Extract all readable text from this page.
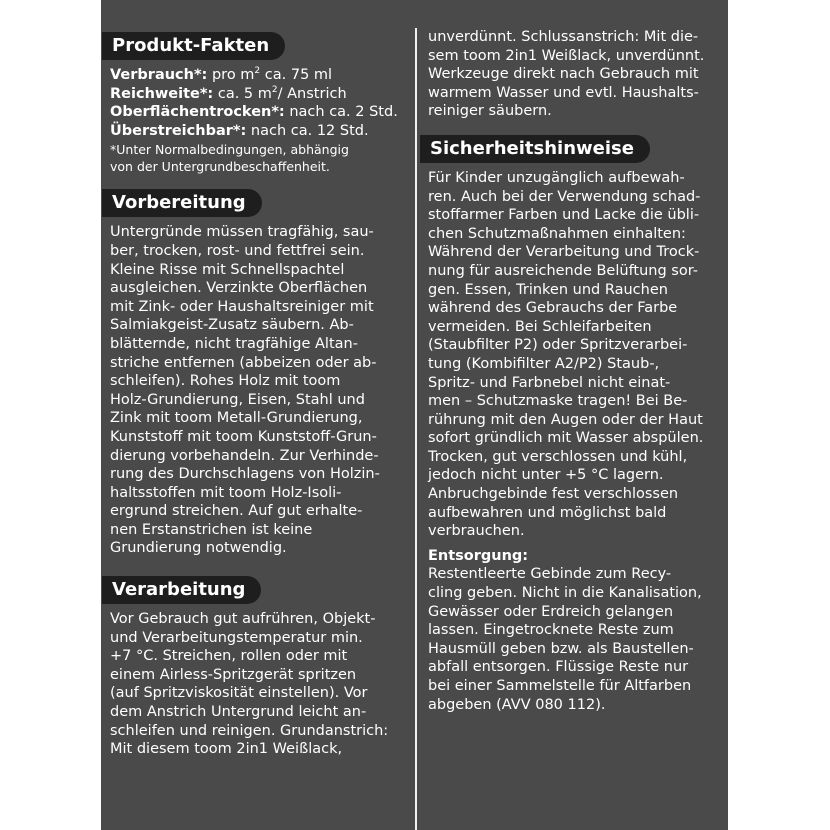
Produkt-Fakten
Verbrauch*: pro $m^2$ ca. 75 ml
Reichweite*: ca. 5 $m^2/$ Anstrich
Oberflächentrocken*: nach ca. 2 Std.
Überstreichbar*: nach ca. 12 Std.
*Unter Normalbedingungen, abhängig
von der Untergrundbeschaffenheit.
Vorbereitung

Untergründe müssen tragfähig, sau-
ber, trocken, rost- und fettfrei sein.
Kleine Risse mit Schnellspachtel
ausgleichen. Verzinkte Oberflächen
mit Zink- oder Haushaltsreiniger mit
Salmiakgeist-Zusatz säubern. Ab-
blätternde, nicht tragfähige Altan-
striche entfernen (abbeizen oder ab-
schleifen). Rohes Holz mit toom
Holz-Grundierung, Eisen, Stahl und
Zink mit toom Metall-Grundierung,
Kunststoff mit toom Kunststoff-Grun-
dierung vorbehandeln. Zur Verhinde-
rung des Durchschlagens von Holzin-
haltsstoffen mit toom Holz-Isoli-
ergrund streichen. Auf gut erhalte-
nen Erstanstrichen ist keine
Grundierung notwendig.

Verarbeitung

Vor Gebrauch gut aufrühren, Objekt-
und Verarbeitungstemperatur min.
+7 °C. Streichen, rollen oder mit
einem Airless-Spritzgerät spritzen
(auf Spritzviskosität einstellen). Vor
dem Anstrich Untergrund leicht an-
schleifen und reinigen. Grundanstrich:
Mit diesem toom 2in1 Weißlack,

unverdünnt. Schlussanstrich: Mit die-
sem toom 2in1 Weißlack, unverdünnt.
Werkzeuge direkt nach Gebrauch mit
warmem Wasser und evtl. Haushalts-
reiniger säubern.

Sicherheitshinweise

Für Kinder unzugänglich aufbewah-
ren. Auch bei der Verwendung schad-
stoffarmer Farben und Lacke die übli-
chen Schutzmaßnahmen einhalten:
Während der Verarbeitung und Trock-
nung für ausreichende Belüftung sor-
gen. Essen, Trinken und Rauchen
während des Gebrauchs der Farbe
vermeiden. Bei Schleifarbeiten
(Staubfilter P2) oder Spritzverarbei-
tung (Kombifilter A2/P2) Staub-,
Spritz- und Farbnebel nicht einat-
men – Schutzmaske tragen! Bei Be-
rührung mit den Augen oder der Haut
sofort gründlich mit Wasser abspülen.
Trocken, gut verschlossen und kühl,
jedoch nicht unter +5 °C lagern.
Anbruchgebinde fest verschlossen
aufbewahren und möglichst bald
verbrauchen.

Entsorgung:

Restentleerte Gebinde zum Recy-
cling geben. Nicht in die Kanalisation,
Gewässer oder Erdreich gelangen
lassen. Eingetrocknete Reste zum
Hausmüll geben bzw. als Baustellen-
abfall entsorgen. Flüssige Reste nur
bei einer Sammelstelle für Altfarben
abgeben (AVV 080 112).
